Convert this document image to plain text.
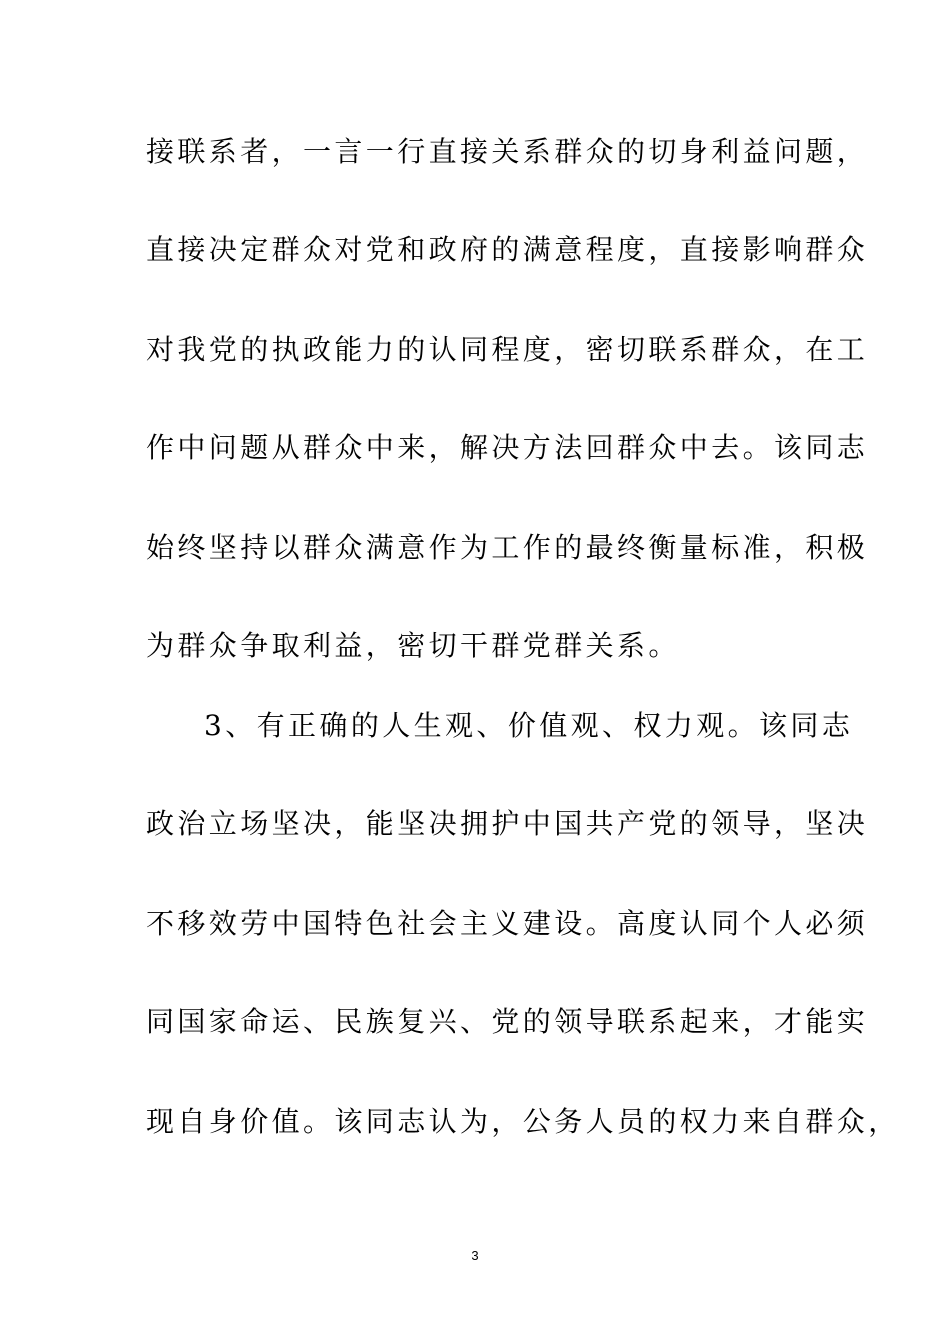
接联系者，一言一行直接关系群众的切身利益问题，
直接决定群众对党和政府的满意程度，直接影响群众
对我党的执政能力的认同程度，密切联系群众，在工
作中问题从群众中来，解决方法回群众中去。该同志
始终坚持以群众满意作为工作的最终衡量标准，积极
为群众争取利益，密切干群党群关系。
3、有正确的人生观、价值观、权力观。该同志
政治立场坚决，能坚决拥护中国共产党的领导，坚决
不移效劳中国特色社会主义建设。高度认同个人必须
同国家命运、民族复兴、党的领导联系起来，才能实
现自身价值。该同志认为，公务人员的权力来自群众，
3
